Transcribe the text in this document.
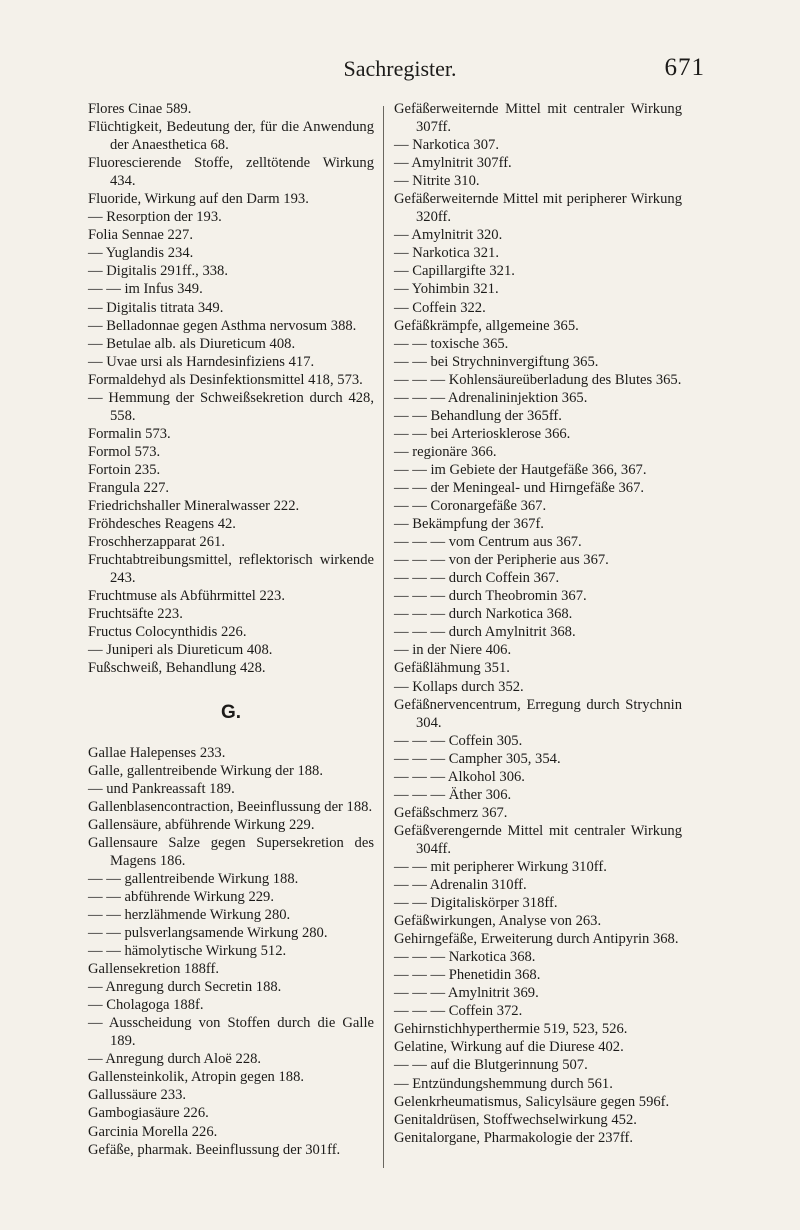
Sachregister.	671

Flores Cinae 589.

Flüchtigkeit, Bedeutung der, für die Anwendung der Anaesthetica 68.

Fluorescierende Stoffe, zelltötende Wirkung 434.

Fluoride, Wirkung auf den Darm 193.

— Resorption der 193.

Folia Sennae 227.

— Yuglandis 234.

— Digitalis 291ff., 338.

— — im Infus 349.

— Digitalis titrata 349.

— Belladonnae gegen Asthma nervosum 388.

— Betulae alb. als Diureticum 408.

— Uvae ursi als Harndesinfiziens 417.

Formaldehyd als Desinfektionsmittel 418, 573.

— Hemmung der Schweißsekretion durch 428, 558.

Formalin 573.

Formol 573.

Fortoin 235.

Frangula 227.

Friedrichshaller Mineralwasser 222.

Fröhdesches Reagens 42.

Froschherzapparat 261.

Fruchtabtreibungsmittel, reflektorisch wirkende 243.

Fruchtmuse als Abführmittel 223.

Fruchtsäfte 223.

Fructus Colocynthidis 226.

— Juniperi als Diureticum 408.

Fußschweiß, Behandlung 428.

G.

Gallae Halepenses 233.

Galle, gallentreibende Wirkung der 188.

— und Pankreassaft 189.

Gallenblasencontraction, Beeinflussung der 188.

Gallensäure, abführende Wirkung 229.

Gallensaure Salze gegen Supersekretion des Magens 186.

— — gallentreibende Wirkung 188.

— — abführende Wirkung 229.

— — herzlähmende Wirkung 280.

— — pulsverlangsamende Wirkung 280.

— — hämolytische Wirkung 512.

Gallensekretion 188ff.

— Anregung durch Secretin 188.

— Cholagoga 188f.

— Ausscheidung von Stoffen durch die Galle 189.

— Anregung durch Aloë 228.

Gallensteinkolik, Atropin gegen 188.

Gallussäure 233.

Gambogiasäure 226.

Garcinia Morella 226.

Gefäße, pharmak. Beeinflussung der 301ff.

Gefäßerweiternde Mittel mit centraler Wirkung 307ff.

— Narkotica 307.

— Amylnitrit 307ff.

— Nitrite 310.

Gefäßerweiternde Mittel mit peripherer Wirkung 320ff.

— Amylnitrit 320.

— Narkotica 321.

— Capillargifte 321.

— Yohimbin 321.

— Coffein 322.

Gefäßkrämpfe, allgemeine 365.

— — toxische 365.

— — bei Strychninvergiftung 365.

— — — Kohlensäureüberladung des Blutes 365.

— — — Adrenalininjektion 365.

— — Behandlung der 365ff.

— — bei Arteriosklerose 366.

— regionäre 366.

— — im Gebiete der Hautgefäße 366, 367.

— — der Meningeal- und Hirngefäße 367.

— — Coronargefäße 367.

— Bekämpfung der 367f.

— — — vom Centrum aus 367.

— — — von der Peripherie aus 367.

— — — durch Coffein 367.

— — — durch Theobromin 367.

— — — durch Narkotica 368.

— — — durch Amylnitrit 368.

— in der Niere 406.

Gefäßlähmung 351.

— Kollaps durch 352.

Gefäßnervencentrum, Erregung durch Strychnin 304.

— — — Coffein 305.

— — — Campher 305, 354.

— — — Alkohol 306.

— — — Äther 306.

Gefäßschmerz 367.

Gefäßverengernde Mittel mit centraler Wirkung 304ff.

— — mit peripherer Wirkung 310ff.

— — Adrenalin 310ff.

— — Digitaliskörper 318ff.

Gefäßwirkungen, Analyse von 263.

Gehirngefäße, Erweiterung durch Antipyrin 368.

— — — Narkotica 368.

— — — Phenetidin 368.

— — — Amylnitrit 369.

— — — Coffein 372.

Gehirnstichhyperthermie 519, 523, 526.

Gelatine, Wirkung auf die Diurese 402.

— — auf die Blutgerinnung 507.

— Entzündungshemmung durch 561.

Gelenkrheumatismus, Salicylsäure gegen 596f.

Genitaldrüsen, Stoffwechselwirkung 452.

Genitalorgane, Pharmakologie der 237ff.
